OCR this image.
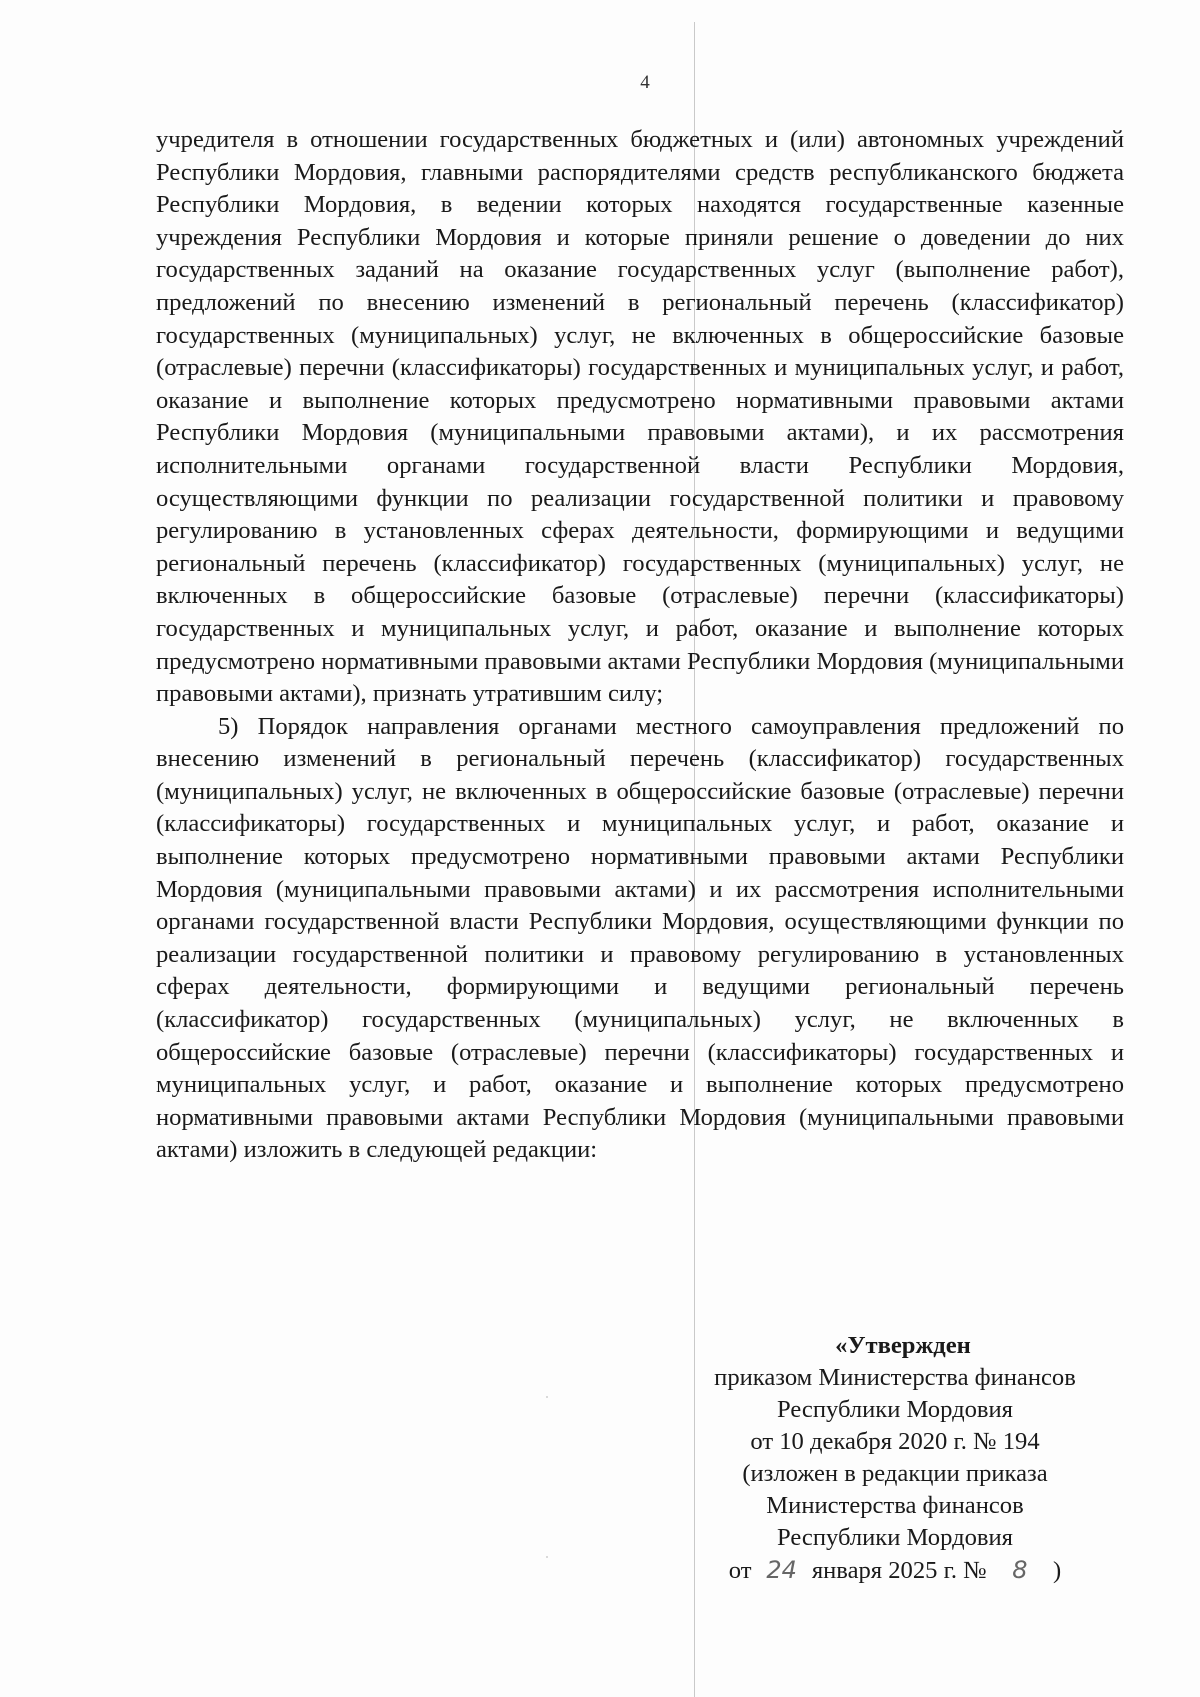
4

учредителя в отношении государственных бюджетных и (или) автономных учреждений Республики Мордовия, главными распорядителями средств республиканского бюджета Республики Мордовия, в ведении которых находятся государственные казенные учреждения Республики Мордовия и которые приняли решение о доведении до них государственных заданий на оказание государственных услуг (выполнение работ), предложений по внесению изменений в региональный перечень (классификатор) государственных (муниципальных) услуг, не включенных в общероссийские базовые (отраслевые) перечни (классификаторы) государственных и муниципальных услуг, и работ, оказание и выполнение которых предусмотрено нормативными правовыми актами Республики Мордовия (муниципальными правовыми актами), и их рассмотрения исполнительными органами государственной власти Республики Мордовия, осуществляющими функции по реализации государственной политики и правовому регулированию в установленных сферах деятельности, формирующими и ведущими региональный перечень (классификатор) государственных (муниципальных) услуг, не включенных в общероссийские базовые (отраслевые) перечни (классификаторы) государственных и муниципальных услуг, и работ, оказание и выполнение которых предусмотрено нормативными правовыми актами Республики Мордовия (муниципальными правовыми актами), признать утратившим силу;

5) Порядок направления органами местного самоуправления предложений по внесению изменений в региональный перечень (классификатор) государственных (муниципальных) услуг, не включенных в общероссийские базовые (отраслевые) перечни (классификаторы) государственных и муниципальных услуг, и работ, оказание и выполнение которых предусмотрено нормативными правовыми актами Республики Мордовия (муниципальными правовыми актами) и их рассмотрения исполнительными органами государственной власти Республики Мордовия, осуществляющими функции по реализации государственной политики и правовому регулированию в установленных сферах деятельности, формирующими и ведущими региональный перечень (классификатор) государственных (муниципальных) услуг, не включенных в общероссийские базовые (отраслевые) перечни (классификаторы) государственных и муниципальных услуг, и работ, оказание и выполнение которых предусмотрено нормативными правовыми актами Республики Мордовия (муниципальными правовыми актами) изложить в следующей редакции:

«Утвержден
приказом Министерства финансов
Республики Мордовия
от 10 декабря 2020 г. № 194
(изложен в редакции приказа
Министерства финансов
Республики Мордовия
от 24 января 2025 г. № 8 )
